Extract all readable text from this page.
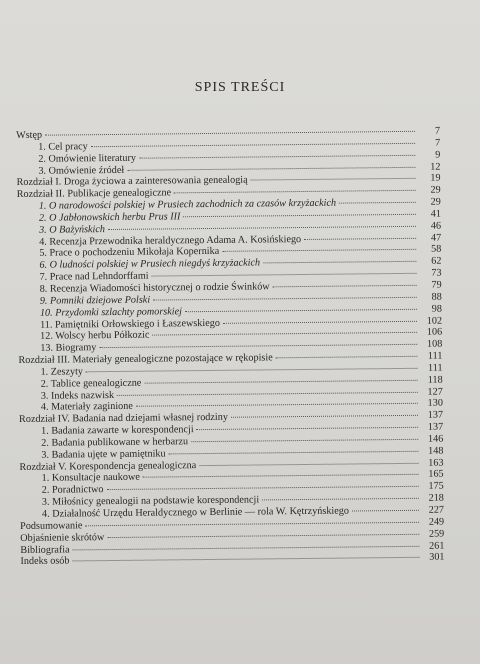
SPIS TREŚCI
Wstęp	7
1. Cel pracy	7
2. Omówienie literatury	9
3. Omówienie źródeł	12
Rozdział I. Droga życiowa a zainteresowania genealogią	19
Rozdział II. Publikacje genealogiczne	29
1. O narodowości polskiej w Prusiech zachodnich za czasów krzyżackich	29
2. O Jabłonowskich herbu Prus III	41
3. O Bażyńskich	46
4. Recenzja Przewodnika heraldycznego Adama A. Kosińskiego	47
5. Prace o pochodzeniu Mikołaja Kopernika	58
6. O ludności polskiej w Prusiech niegdyś krzyżackich	62
7. Prace nad Lehndorffami	73
8. Recenzja Wiadomości historycznej o rodzie Świnków	79
9. Pomniki dziejowe Polski	88
10. Przydomki szlachty pomorskiej	98
11. Pamiętniki Orłowskiego i Łaszewskiego	102
12. Wolscy herbu Półkozic	106
13. Biogramy	108
Rozdział III. Materiały genealogiczne pozostające w rękopisie	111
1. Zeszyty	111
2. Tablice genealogiczne	118
3. Indeks nazwisk	127
4. Materiały zaginione	130
Rozdział IV. Badania nad dziejami własnej rodziny	137
1. Badania zawarte w korespondencji	137
2. Badania publikowane w herbarzu	146
3. Badania ujęte w pamiętniku	148
Rozdział V. Korespondencja genealogiczna	163
1. Konsultacje naukowe	165
2. Poradnictwo	175
3. Miłośnicy genealogii na podstawie korespondencji	218
4. Działalność Urzędu Heraldycznego w Berlinie — rola W. Kętrzyńskiego	227
Podsumowanie	249
Objaśnienie skrótów	259
Bibliografia	261
Indeks osób	301
